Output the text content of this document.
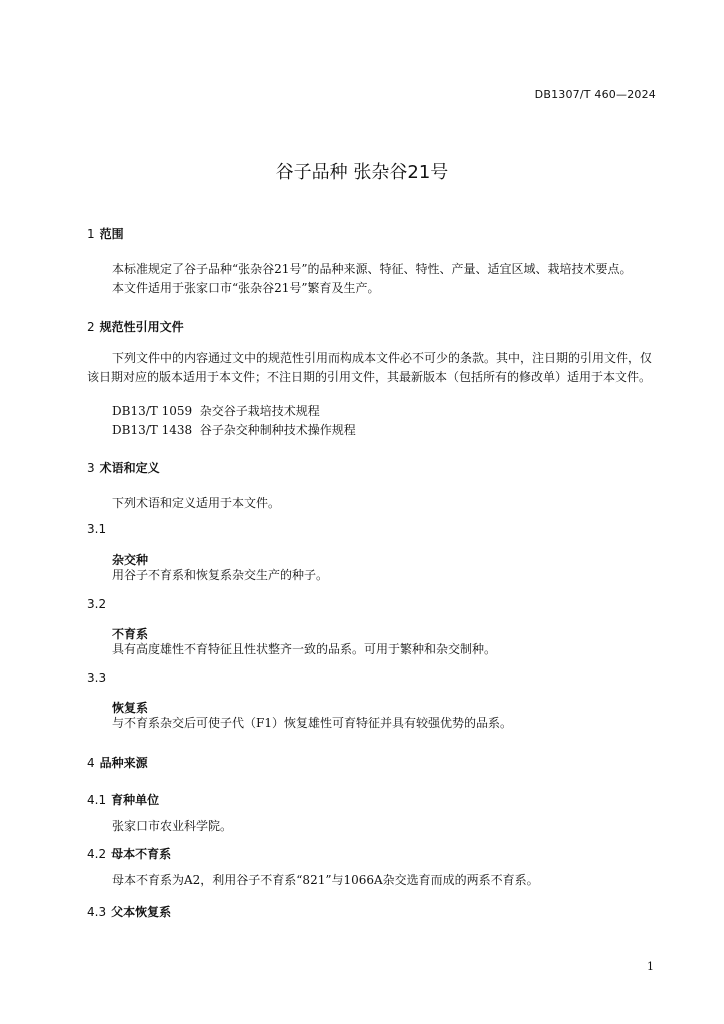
DB1307/T 460—2024
谷子品种 张杂谷21号
1 范围

本标准规定了谷子品种“张杂谷21号”的品种来源、特征、特性、产量、适宜区域、栽培技术要点。

本文件适用于张家口市“张杂谷21号”繁育及生产。

2 规范性引用文件

下列文件中的内容通过文中的规范性引用而构成本文件必不可少的条款。其中，注日期的引用文件，仅该日期对应的版本适用于本文件；不注日期的引用文件，其最新版本（包括所有的修改单）适用于本文件。

DB13/T 1059  杂交谷子栽培技术规程

DB13/T 1438  谷子杂交种制种技术操作规程

3 术语和定义

下列术语和定义适用于本文件。

3.1
杂交种

用谷子不育系和恢复系杂交生产的种子。

3.2
不育系

具有高度雄性不育特征且性状整齐一致的品系。可用于繁种和杂交制种。

3.3
恢复系

与不育系杂交后可使子代（F1）恢复雄性可育特征并具有较强优势的品系。

4 品种来源
4.1 育种单位

张家口市农业科学院。

4.2 母本不育系

母本不育系为A2，利用谷子不育系“821”与1066A杂交选育而成的两系不育系。

4.3 父本恢复系
1
